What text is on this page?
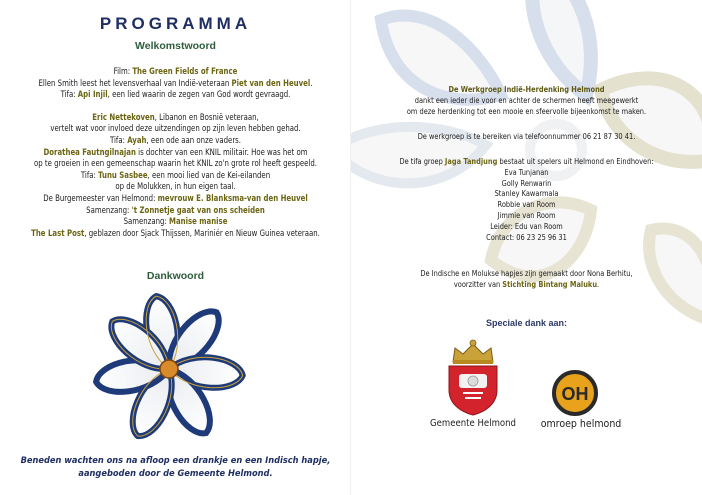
PROGRAMMA
Welkomstwoord
Film: The Green Fields of France
Ellen Smith leest het levensverhaal van Indië-veteraan Piet van den Heuvel.
Tifa: Api Injil, een lied waarin de zegen van God wordt gevraagd.
Eric Nettekoven, Libanon en Bosnië veteraan,
vertelt wat voor invloed deze uitzendingen op zijn leven hebben gehad.
Tifa: Ayah, een ode aan onze vaders.
Dorathea Fautngilnajan is dochter van een KNIL militair. Hoe was het om
op te groeien in een gemeenschap waarin het KNIL zo'n grote rol heeft gespeeld.
Tifa: Tunu Sasbee, een mooi lied van de Kei-eilanden
op de Molukken, in hun eigen taal.
De Burgemeester van Helmond: mevrouw E. Blanksma-van den Heuvel
Samenzang: 't Zonnetje gaat van ons scheiden
Samenzang: Manise manise
The Last Post, geblazen door Sjack Thijssen, Mariniér en Nieuw Guinea veteraan.
Dankwoord
Beneden wachten ons na afloop een drankje en een Indisch hapje,
aangeboden door de Gemeente Helmond.
De Werkgroep Indië-Herdenking Helmond
dankt een ieder die voor en achter de schermen heeft meegewerkt
om deze herdenking tot een mooie en sfeervolle bijeenkomst te maken.
De werkgroep is te bereiken via telefoonnummer 06 21 87 30 41.
De tifa groep Jaga Tandjung bestaat uit spelers uit Helmond en Eindhoven:
Eva Tunjanan
Golly Renwarin
Stanley Kawarmala
Robbie van Room
Jimmie van Room
Leider: Edu van Room
Contact: 06 23 25 96 31
De Indische en Molukse hapjes zijn gemaakt door Nona Berhitu,
voorzitter van Stichting Bintang Maluku.
Speciale dank aan:
Gemeente Helmond
OH
omroep helmond
